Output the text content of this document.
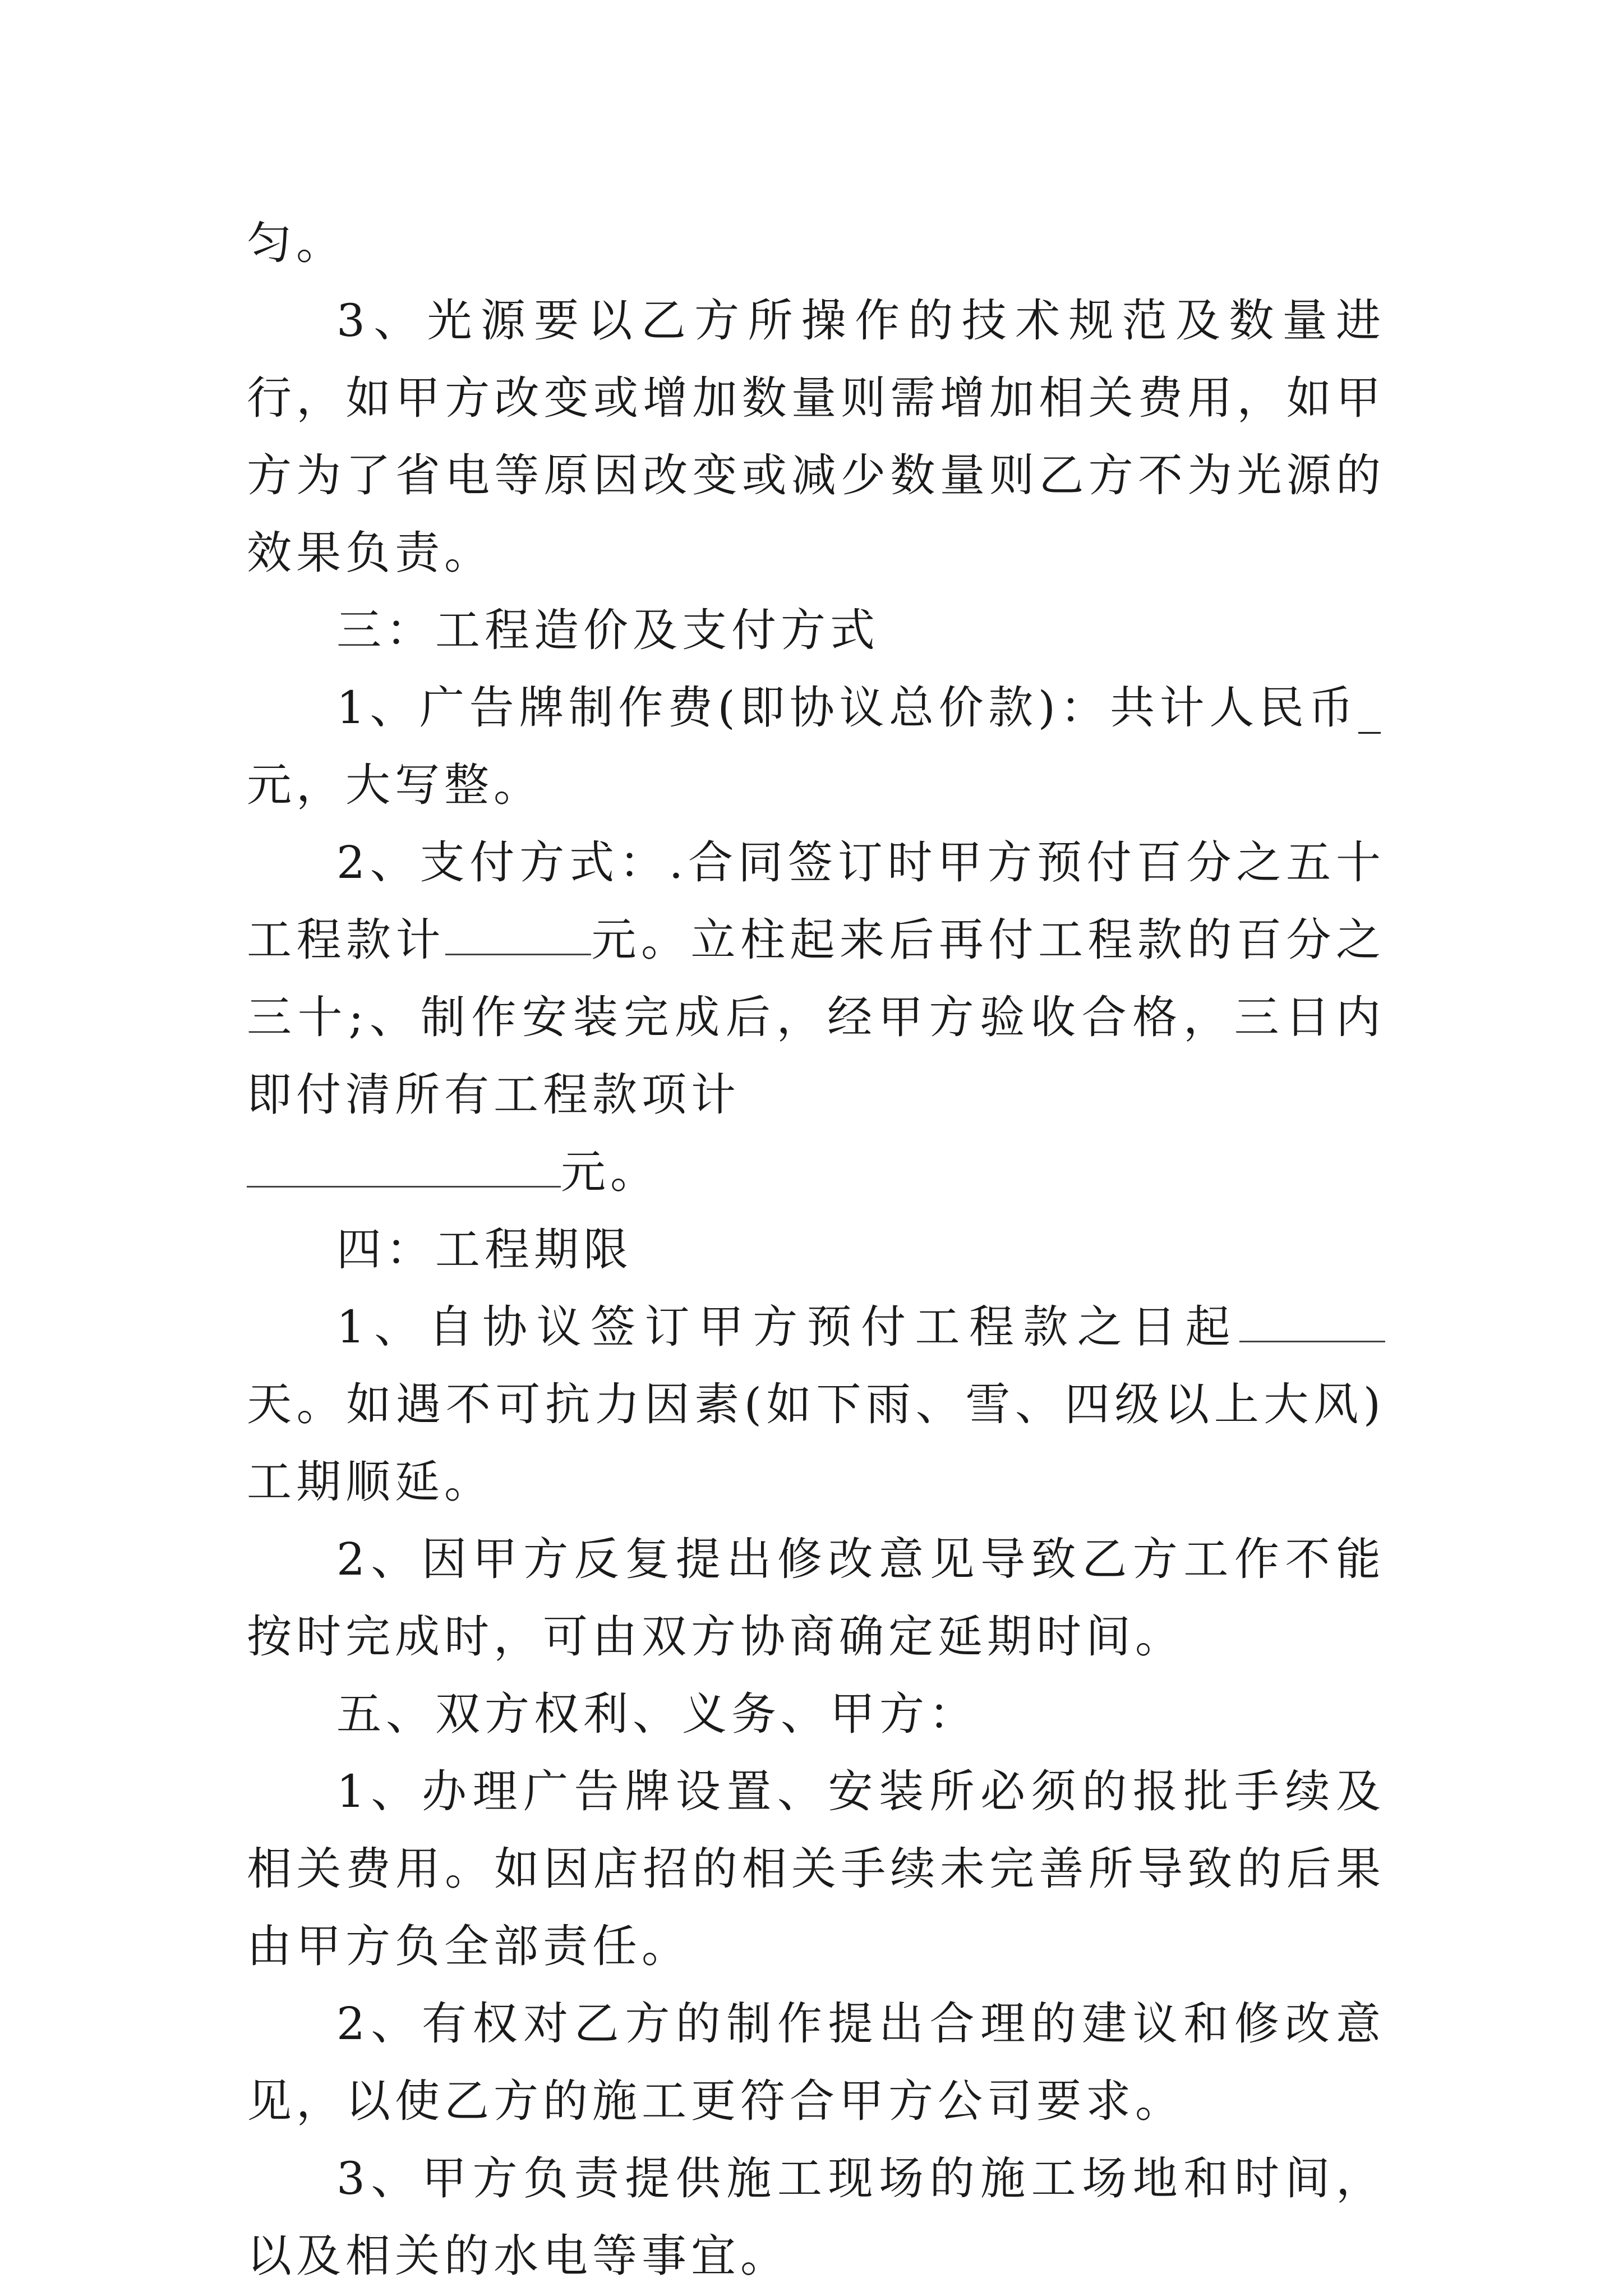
匀。

3、光源要以乙方所操作的技术规范及数量进行，如甲方改变或增加数量则需增加相关费用，如甲方为了省电等原因改变或减少数量则乙方不为光源的效果负责。

三：工程造价及支付方式

1、广告牌制作费(即协议总价款)：共计人民币_元，大写整。

2、支付方式：.合同签订时甲方预付百分之五十工程款计	元。立柱起来后再付工程款的百分之三十;、制作安装完成后，经甲方验收合格，三日内即付清所有工程款项计
元。

四：工程期限

1、自协议签订甲方预付工程款之日起天。如遇不可抗力因素(如下雨、雪、四级以上大风)工期顺延。

2、因甲方反复提出修改意见导致乙方工作不能按时完成时，可由双方协商确定延期时间。

五、双方权利、义务、甲方：

1、办理广告牌设置、安装所必须的报批手续及相关费用。如因店招的相关手续未完善所导致的后果由甲方负全部责任。

2、有权对乙方的制作提出合理的建议和修改意见，以使乙方的施工更符合甲方公司要求。

3、甲方负责提供施工现场的施工场地和时间，以及相关的水电等事宜。
